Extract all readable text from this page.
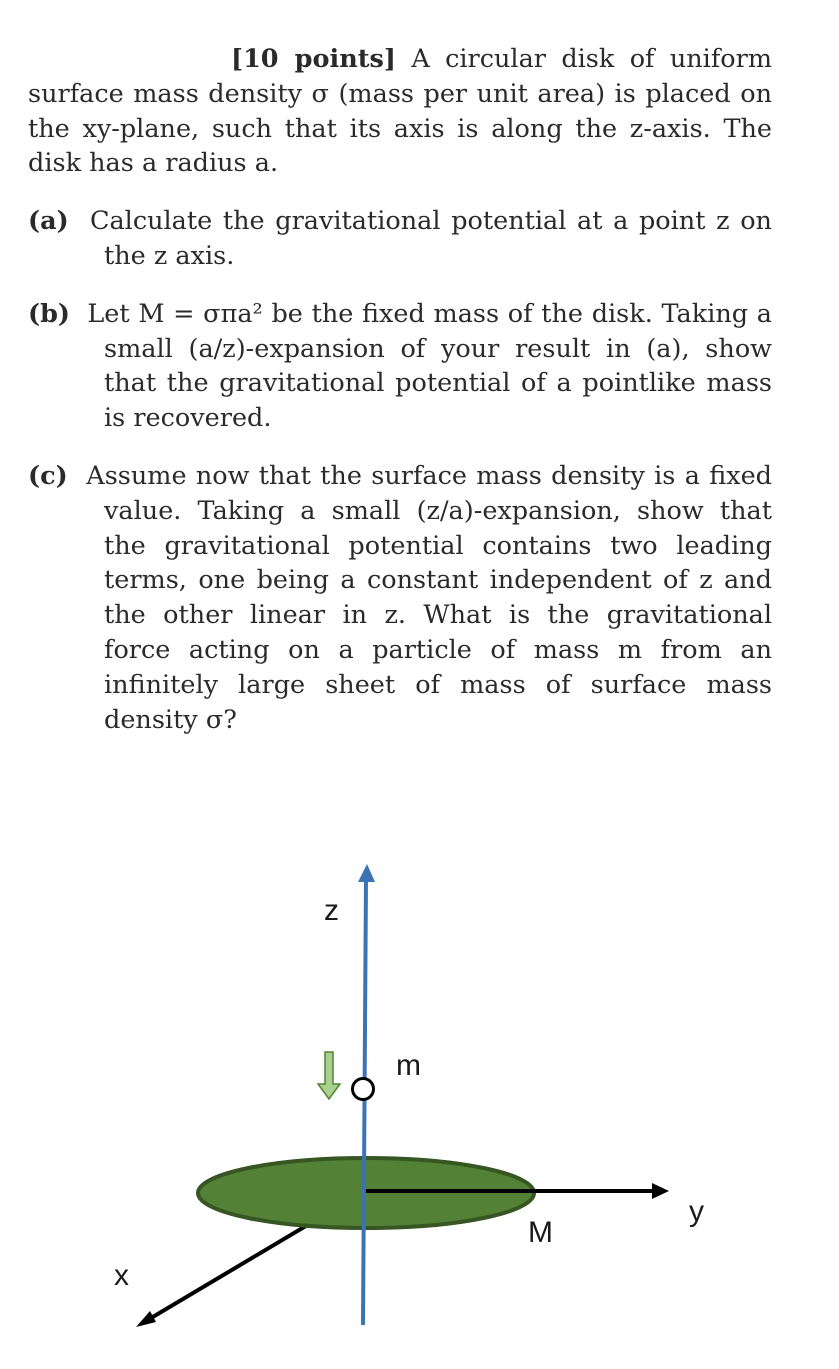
[10 points] A circular disk of uniform surface mass density σ (mass per unit area) is placed on the xy-plane, such that its axis is along the z-axis. The disk has a radius a.

(a) Calculate the gravitational potential at a point z on the z axis.

(b) Let M = σπa² be the fixed mass of the disk. Taking a small (a/z)-expansion of your result in (a), show that the gravitational potential of a pointlike mass is recovered.

(c) Assume now that the surface mass density is a fixed value. Taking a small (z/a)-expansion, show that the gravitational potential contains two leading terms, one being a constant independent of z and the other linear in z. What is the gravitational force acting on a particle of mass m from an infinitely large sheet of mass of surface mass density σ?

z
m
M
y
x
